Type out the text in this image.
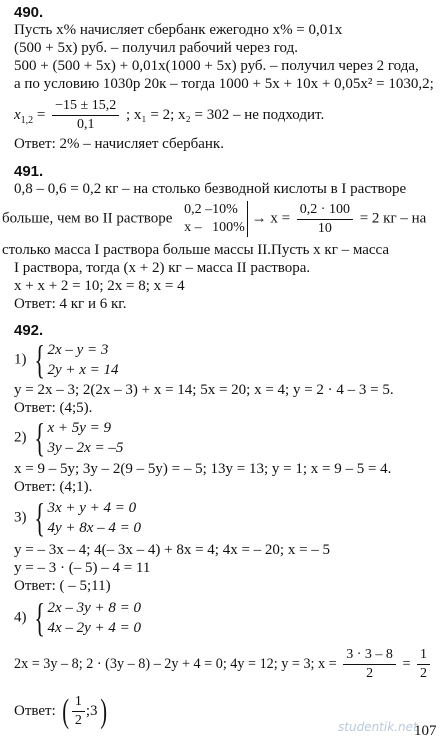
490.
Пусть x% начисляет сбербанк ежегодно x% = 0,01x
(500 + 5x) руб. – получил рабочий через год.
500 + (500 + 5x) + 0,01x(1000 + 5x) руб. – получил через 2 года,
а по условию 1030р 20к – тогда 1000 + 5x + 10x + 0,05x² = 1030,2;
$x_{1,2} = \frac{-15 \pm 15,2}{0,1}$ ; x₁ = 2; x₂ = 302 – не подходит.
Ответ: 2% – начисляет сбербанк.
491.
0,8 – 0,6 = 0,2 кг – на столько безводной кислоты в I растворе
больше, чем во II растворе
0,2 –
x –
10%
100%
→ $x = \frac{0,2 \cdot 100}{10} = 2$ кг – на
столько масса I раствора больше массы II.Пусть x кг – масса
I раствора, тогда (x + 2) кг – масса II раствора.
x + x + 2 = 10; 2x = 8; x = 4
Ответ: 4 кг и 6 кг.
492.
1) { 2x – y = 3
2y + x = 14
y = 2x – 3; 2(2x – 3) + x = 14; 5x = 20; x = 4; y = 2 · 4 – 3 = 5.
Ответ: (4;5).
2) { x + 5y = 9
3y – 2x = –5
x = 9 – 5y; 3y – 2(9 – 5y) = – 5; 13y = 13; y = 1; x = 9 – 5 = 4.
Ответ: (4;1).
3) { 3x + y + 4 = 0
4y + 8x – 4 = 0
y = – 3x – 4; 4(– 3x – 4) + 8x = 4; 4x = – 20; x = – 5
y = – 3 · (– 5) – 4 = 11
Ответ: ( – 5;11)
4) { 2x – 3y + 8 = 0
4x – 2y + 4 = 0
2x = 3y – 8; 2 · (3y – 8) – 2y + 4 = 0; 4y = 12; y = 3; $x = \frac{3 \cdot 3 - 8}{2} = \frac{1}{2}$
Ответ: ( $\frac{1}{2}$ ;3 )	studentik.net
107
